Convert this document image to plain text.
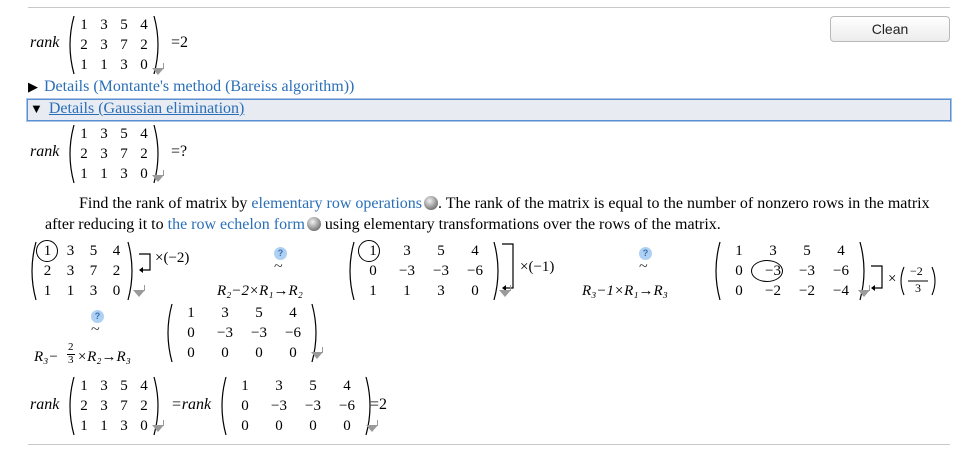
Clean
rank
1 3 5 4
2 3 7 2
1 1 3 0
=2
▶ Details (Montante's method (Bareiss algorithm))
▼ Details (Gaussian elimination)
rank
1 3 5 4
2 3 7 2
1 1 3 0
=?
Find the rank of matrix by elementary row operations . The rank of the matrix is equal to the number of nonzero rows in the matrix after reducing it to the row echelon form using elementary transformations over the rows of the matrix.
1	3	5	4
2	3	7	2
1	1	3	0
×(−2)	?
~
R₂−2×R₁→R₂
1	3	5	4
0	−3	−3	−6
1	1	3	0
×(−1)
?
~
R₃−1×R₁→R₃
1	3	5	4
0	−3	−3	−6
0	−2	−2	−4
× −2
3
?
~
R₃−
2
3 ×R₂→R₃
1	3	5	4
0	−3	−3	−6
0	0	0	0
rank
1 3 5 4
2 3 7 2
1 1 3 0
=rank
1	3	5	4
0	−3	−3	−6
0	0	0	0
=2
